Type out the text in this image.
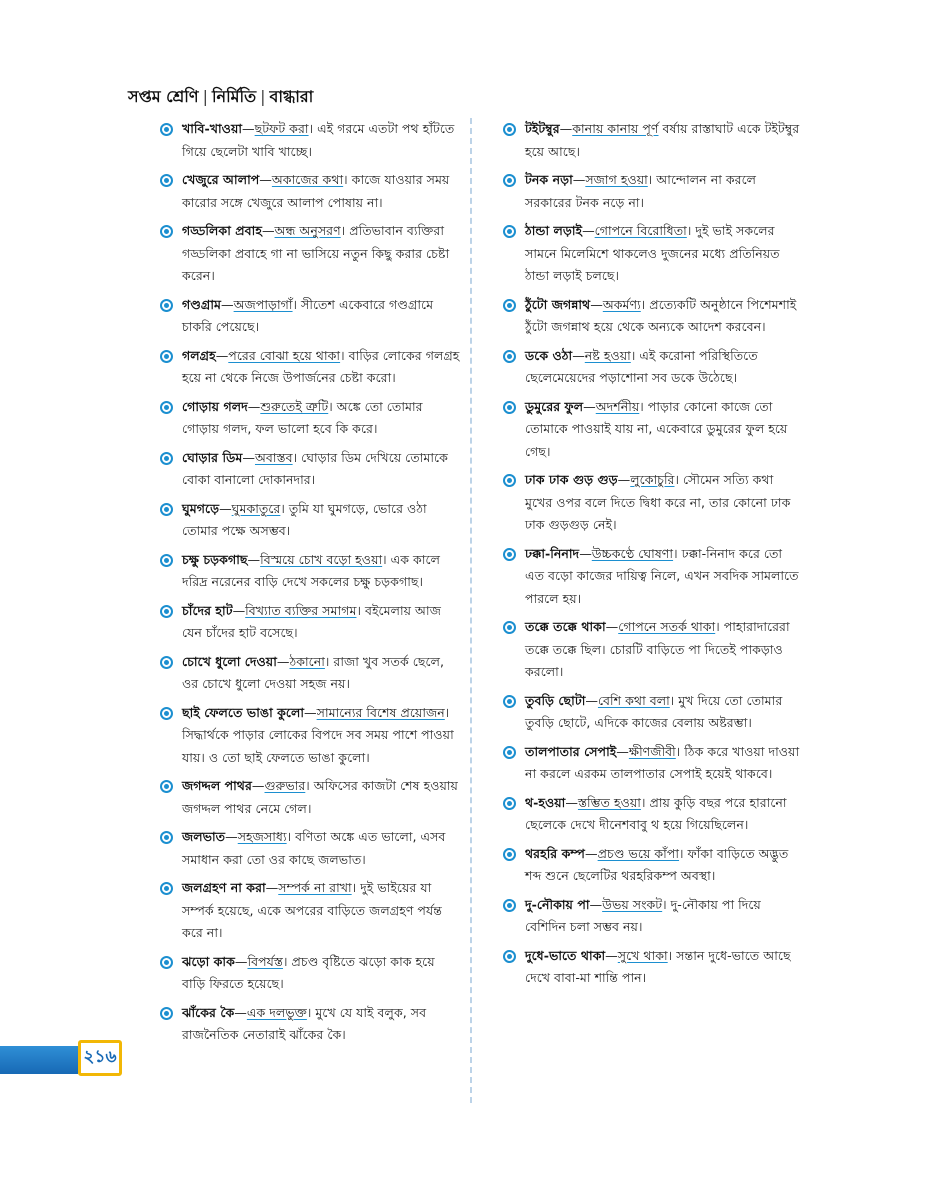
সপ্তম শ্রেণি | নির্মিতি | বাগ্ধারা
খাবি-খাওয়া—ছটফট করা। এই গরমে এতটা পথ হাঁটতে গিয়ে ছেলেটা খাবি খাচ্ছে।
খেজুরে আলাপ—অকাজের কথা। কাজে যাওয়ার সময় কারোর সঙ্গে খেজুরে আলাপ পোষায় না।
গড্ডলিকা প্রবাহ—অন্ধ অনুসরণ। প্রতিভাবান ব্যক্তিরা গড্ডলিকা প্রবাহে গা না ভাসিয়ে নতুন কিছু করার চেষ্টা করেন।
গণ্ডগ্রাম—অজপাড়াগাঁ। সীতেশ একেবারে গণ্ডগ্রামে চাকরি পেয়েছে।
গলগ্রহ—পরের বোঝা হয়ে থাকা। বাড়ির লোকের গলগ্রহ হয়ে না থেকে নিজে উপার্জনের চেষ্টা করো।
গোড়ায় গলদ—শুরুতেই ত্রুটি। অঙ্কে তো তোমার গোড়ায় গলদ, ফল ভালো হবে কি করে।
ঘোড়ার ডিম—অবাস্তব। ঘোড়ার ডিম দেখিয়ে তোমাকে বোকা বানালো দোকানদার।
ঘুমগড়ে—ঘুমকাতুরে। তুমি যা ঘুমগড়ে, ভোরে ওঠা তোমার পক্ষে অসম্ভব।
চক্ষু চড়কগাছ—বিস্ময়ে চোখ বড়ো হওয়া। এক কালে দরিদ্র নরেনের বাড়ি দেখে সকলের চক্ষু চড়কগাছ।
চাঁদের হাট—বিখ্যাত ব্যক্তির সমাগম। বইমেলায় আজ যেন চাঁদের হাট বসেছে।
চোখে ধুলো দেওয়া—ঠকানো। রাজা খুব সতর্ক ছেলে, ওর চোখে ধুলো দেওয়া সহজ নয়।
ছাই ফেলতে ভাঙা কুলো—সামান্যের বিশেষ প্রয়োজন। সিদ্ধার্থকে পাড়ার লোকের বিপদে সব সময় পাশে পাওয়া যায়। ও তো ছাই ফেলতে ভাঙা কুলো।
জগদ্দল পাথর—গুরুভার। অফিসের কাজটা শেষ হওয়ায় জগদ্দল পাথর নেমে গেল।
জলভাত—সহজসাধ্য। বণিতা অঙ্কে এত ভালো, এসব সমাধান করা তো ওর কাছে জলভাত।
জলগ্রহণ না করা—সম্পর্ক না রাখা। দুই ভাইয়ের যা সম্পর্ক হয়েছে, একে অপরের বাড়িতে জলগ্রহণ পর্যন্ত করে না।
ঝড়ো কাক—বিপর্যস্ত। প্রচণ্ড বৃষ্টিতে ঝড়ো কাক হয়ে বাড়ি ফিরতে হয়েছে।
ঝাঁকের কৈ—এক দলভুক্ত। মুখে যে যাই বলুক, সব রাজনৈতিক নেতারাই ঝাঁকের কৈ।
টইটম্বুর—কানায় কানায় পূর্ণ বর্ষায় রাস্তাঘাট একে টইটম্বুর হয়ে আছে।
টনক নড়া—সজাগ হওয়া। আন্দোলন না করলে সরকারের টনক নড়ে না।
ঠান্ডা লড়াই—গোপনে বিরোধিতা। দুই ভাই সকলের সামনে মিলেমিশে থাকলেও দুজনের মধ্যে প্রতিনিয়ত ঠান্ডা লড়াই চলছে।
ঠুঁটো জগন্নাথ—অকর্মণ্য। প্রত্যেকটি অনুষ্ঠানে পিশেমশাই ঠুঁটো জগন্নাথ হয়ে থেকে অন্যকে আদেশ করবেন।
ডকে ওঠা—নষ্ট হওয়া। এই করোনা পরিস্থিতিতে ছেলেমেয়েদের পড়াশোনা সব ডকে উঠেছে।
ডুমুরের ফুল—অদর্শনীয়। পাড়ার কোনো কাজে তো তোমাকে পাওয়াই যায় না, একেবারে ডুমুরের ফুল হয়ে গেছ।
ঢাক ঢাক গুড় গুড়—লুকোচুরি। সৌমেন সত্যি কথা মুখের ওপর বলে দিতে দ্বিধা করে না, তার কোনো ঢাক ঢাক গুড়গুড় নেই।
ঢক্কা-নিনাদ—উচ্চকণ্ঠে ঘোষণা। ঢক্কা-নিনাদ করে তো এত বড়ো কাজের দায়িত্ব নিলে, এখন সবদিক সামলাতে পারলে হয়।
তক্কে তক্কে থাকা—গোপনে সতর্ক থাকা। পাহারাদারেরা তক্কে তক্কে ছিল। চোরটি বাড়িতে পা দিতেই পাকড়াও করলো।
তুবড়ি ছোটা—বেশি কথা বলা। মুখ দিয়ে তো তোমার তুবড়ি ছোটে, এদিকে কাজের বেলায় অষ্টরম্ভা।
তালপাতার সেপাই—ক্ষীণজীবী। ঠিক করে খাওয়া দাওয়া না করলে এরকম তালপাতার সেপাই হয়েই থাকবে।
থ-হওয়া—স্তম্ভিত হওয়া। প্রায় কুড়ি বছর পরে হারানো ছেলেকে দেখে দীনেশবাবু থ হয়ে গিয়েছিলেন।
থরহরি কম্প—প্রচণ্ড ভয়ে কাঁপা। ফাঁকা বাড়িতে অদ্ভুত শব্দ শুনে ছেলেটির থরহরিকম্প অবস্থা।
দু-নৌকায় পা—উভয় সংকট। দু-নৌকায় পা দিয়ে বেশিদিন চলা সম্ভব নয়।
দুধে-ভাতে থাকা—সুখে থাকা। সন্তান দুধে-ভাতে আছে দেখে বাবা-মা শান্তি পান।
২১৬
